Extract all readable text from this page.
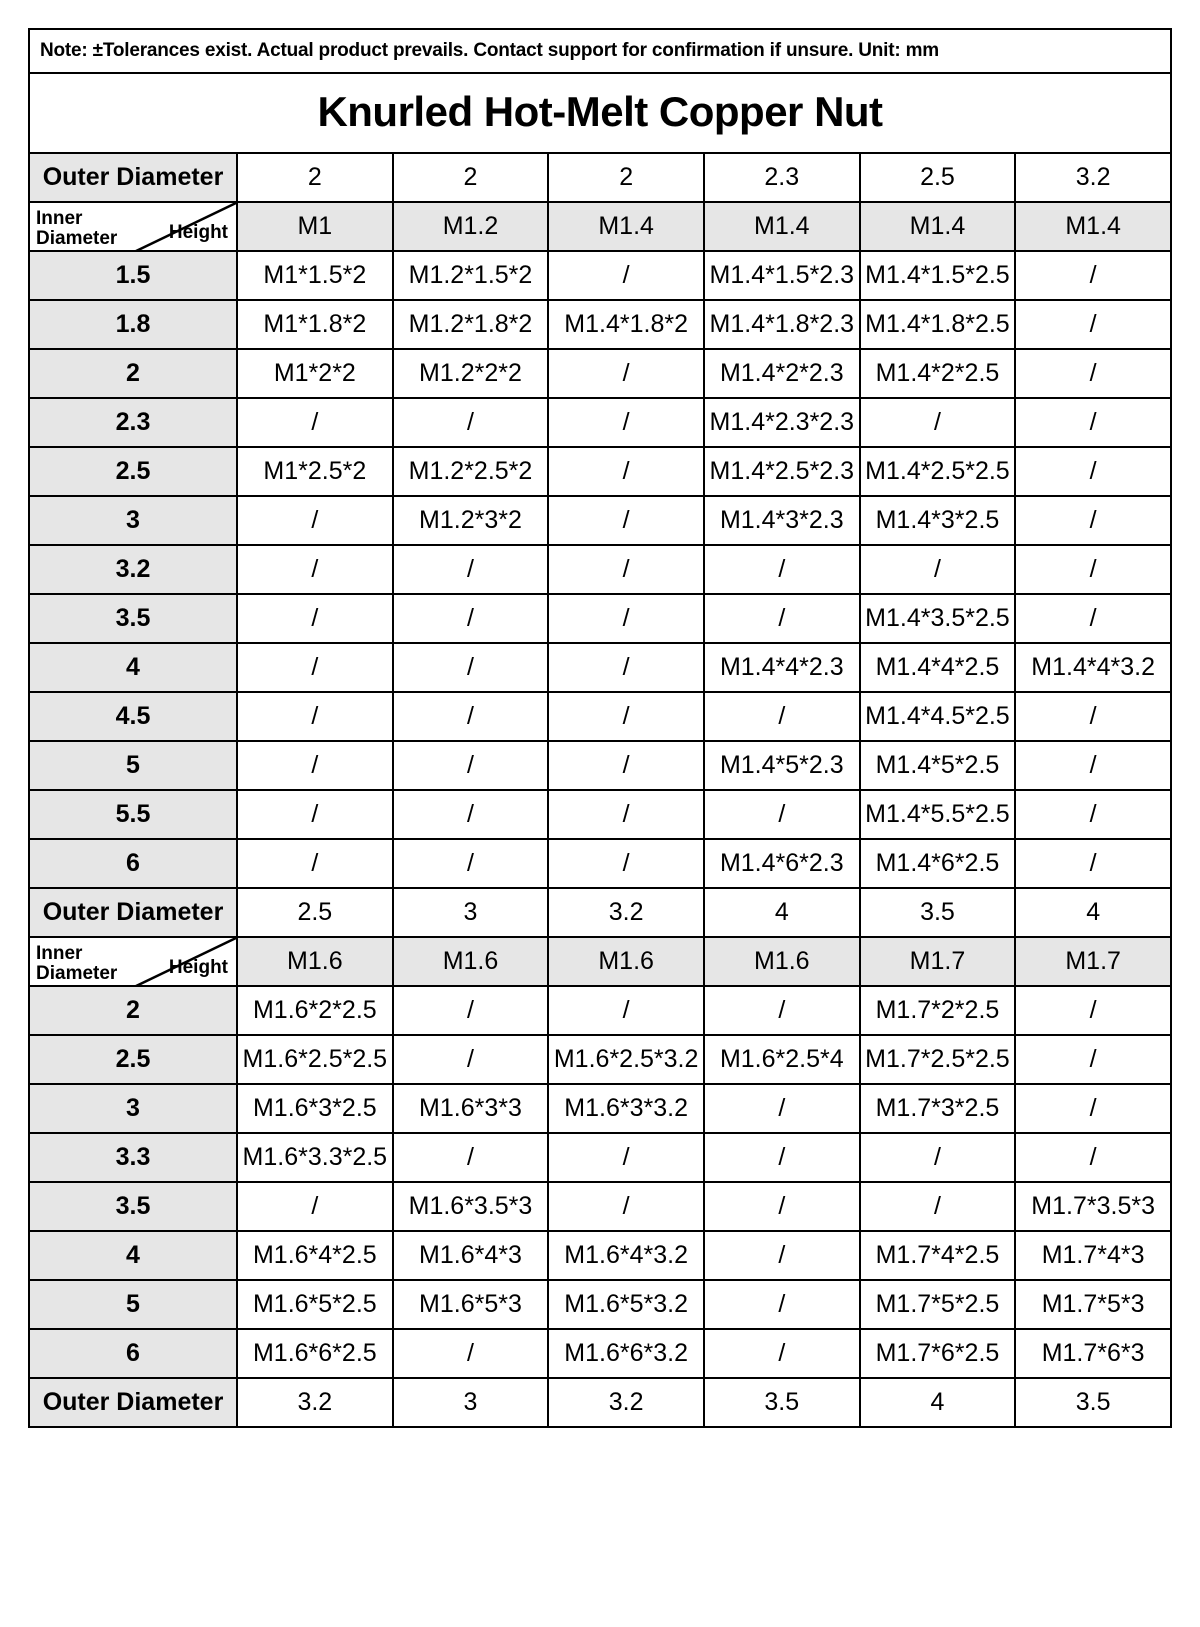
Note: ±Tolerances exist. Actual product prevails. Contact support for confirmation if unsure. Unit: mm
Knurled Hot-Melt Copper Nut
Outer Diameter	2	2	2	2.3	2.5	3.2

Inner
Diameter Height	M1	M1.2	M1.4	M1.4	M1.4	M1.4
1.5	M1*1.5*2	M1.2*1.5*2	/	M1.4*1.5*2.3	M1.4*1.5*2.5	/

1.8	M1*1.8*2	M1.2*1.8*2	M1.4*1.8*2	M1.4*1.8*2.3	M1.4*1.8*2.5	/

2	M1*2*2	M1.2*2*2	/	M1.4*2*2.3	M1.4*2*2.5	/

2.3	/	/	/	M1.4*2.3*2.3	/	/

2.5	M1*2.5*2	M1.2*2.5*2	/	M1.4*2.5*2.3	M1.4*2.5*2.5	/

3	/	M1.2*3*2	/	M1.4*3*2.3	M1.4*3*2.5	/

3.2	/	/	/	/	/	/

3.5	/	/	/	/	M1.4*3.5*2.5	/

4	/	/	/	M1.4*4*2.3	M1.4*4*2.5	M1.4*4*3.2

4.5	/	/	/	/	M1.4*4.5*2.5	/

5	/	/	/	M1.4*5*2.3	M1.4*5*2.5	/

5.5	/	/	/	/	M1.4*5.5*2.5	/

6	/	/	/	M1.4*6*2.3	M1.4*6*2.5	/

Outer Diameter	2.5	3	3.2	4	3.5	4

Inner
Diameter Height	M1.6	M1.6	M1.6	M1.6	M1.7	M1.7
2	M1.6*2*2.5	/	/	/	M1.7*2*2.5	/

2.5	M1.6*2.5*2.5	/	M1.6*2.5*3.2	M1.6*2.5*4	M1.7*2.5*2.5	/

3	M1.6*3*2.5	M1.6*3*3	M1.6*3*3.2	/	M1.7*3*2.5	/

3.3	M1.6*3.3*2.5	/	/	/	/	/

3.5	/	M1.6*3.5*3	/	/	/	M1.7*3.5*3

4	M1.6*4*2.5	M1.6*4*3	M1.6*4*3.2	/	M1.7*4*2.5	M1.7*4*3

5	M1.6*5*2.5	M1.6*5*3	M1.6*5*3.2	/	M1.7*5*2.5	M1.7*5*3

6	M1.6*6*2.5	/	M1.6*6*3.2	/	M1.7*6*2.5	M1.7*6*3

Outer Diameter	3.2	3	3.2	3.5	4	3.5
